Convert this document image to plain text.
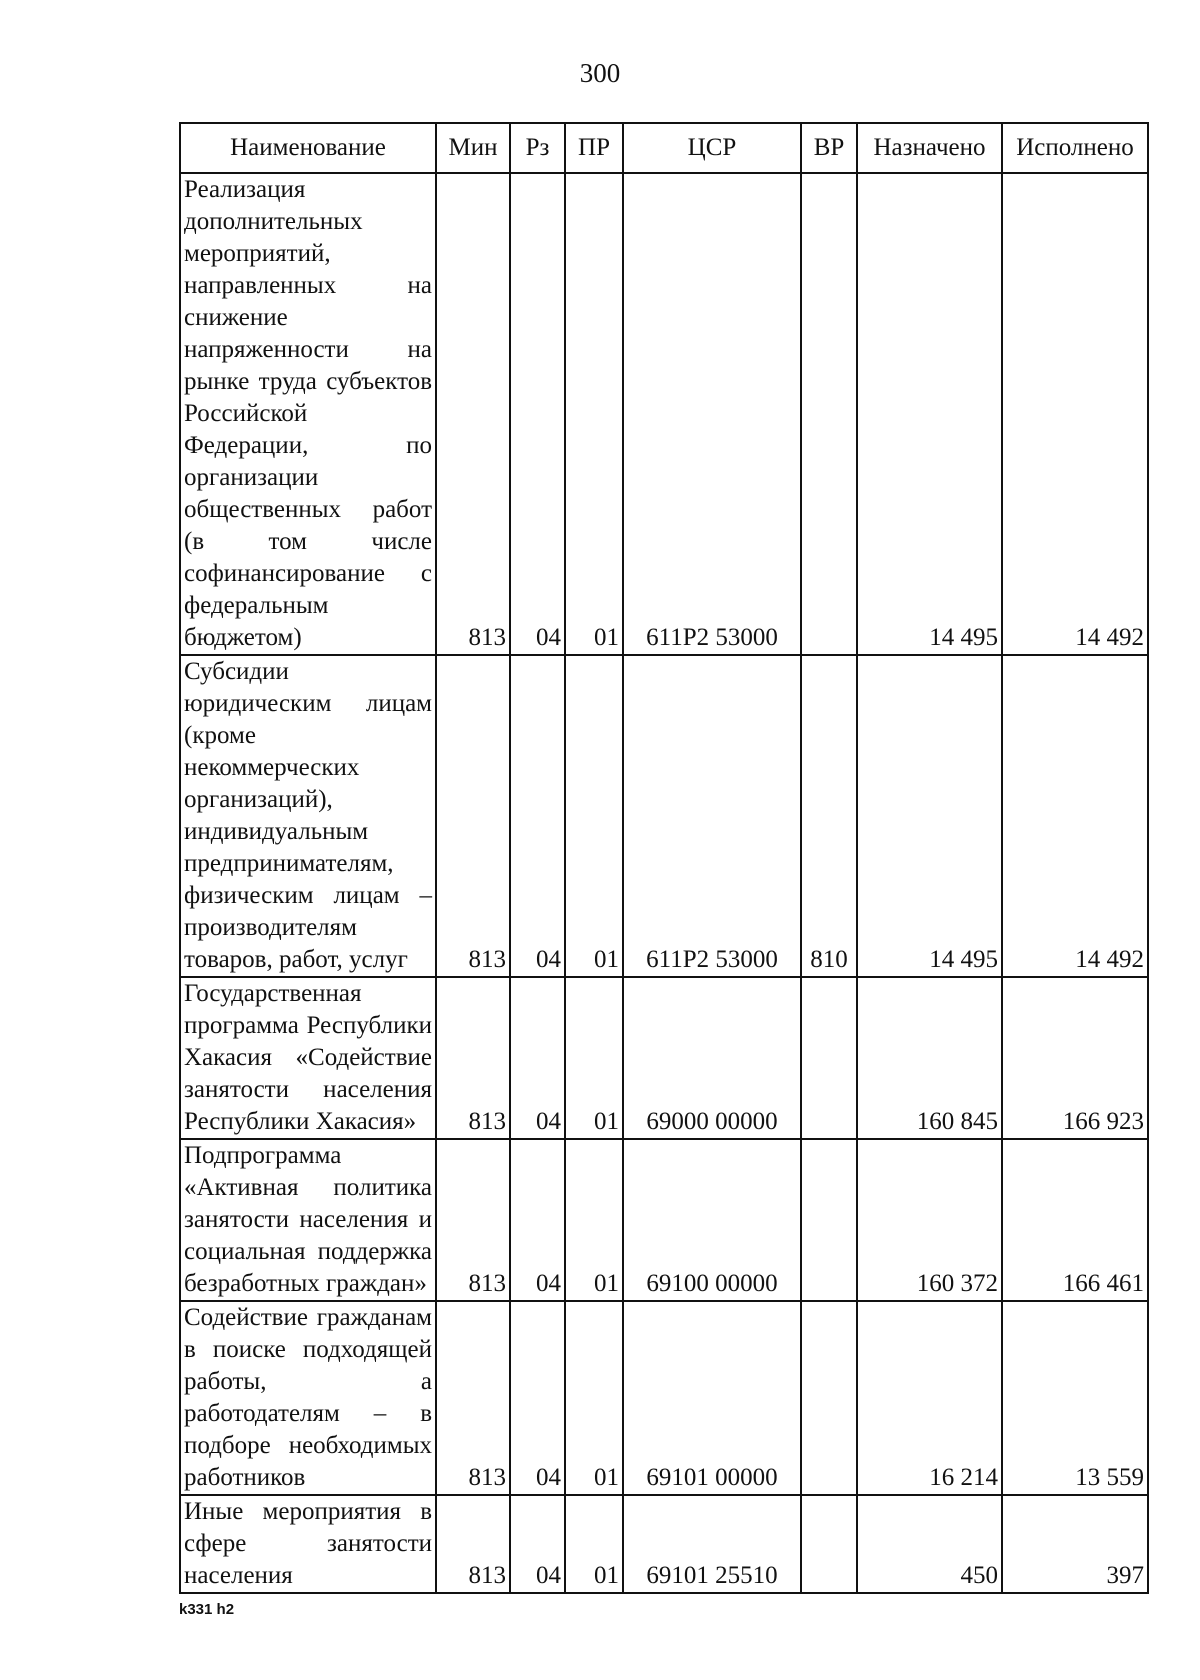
300
Наименование	Мин	Рз	ПР	ЦСР	ВР	Назначено	Исполнено
Реализация дополнительных мероприятий, направленных на снижение напряженности на рынке труда субъектов Российской Федерации, по организации общественных работ (в том числе софинансирование с федеральным бюджетом)	813	04	01	611Р2 53000		14 495	14 492
Субсидии юридическим лицам (кроме некоммерческих организаций), индивидуальным предпринимателям, физическим лицам – производителям товаров, работ, услуг	813	04	01	611Р2 53000	810	14 495	14 492
Государственная программа Республики Хакасия «Содействие занятости населения Республики Хакасия»	813	04	01	69000 00000		160 845	166 923
Подпрограмма «Активная политика занятости населения и социальная поддержка безработных граждан»	813	04	01	69100 00000		160 372	166 461
Содействие гражданам в поиске подходящей работы, а работодателям – в подборе необходимых работников	813	04	01	69101 00000		16 214	13 559
Иные мероприятия в сфере занятости населения	813	04	01	69101 25510		450	397
k331 h2
